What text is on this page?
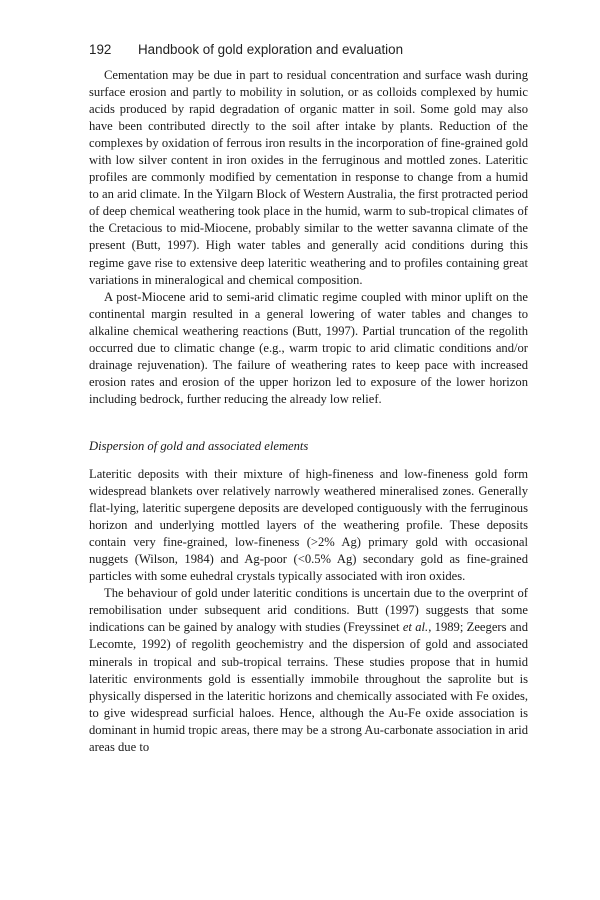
192 Handbook of gold exploration and evaluation

Cementation may be due in part to residual concentration and surface wash during surface erosion and partly to mobility in solution, or as colloids complexed by humic acids produced by rapid degradation of organic matter in soil. Some gold may also have been contributed directly to the soil after intake by plants. Reduction of the complexes by oxidation of ferrous iron results in the incorporation of fine-grained gold with low silver content in iron oxides in the ferruginous and mottled zones. Lateritic profiles are commonly modified by cementation in response to change from a humid to an arid climate. In the Yilgarn Block of Western Australia, the first protracted period of deep chemical weathering took place in the humid, warm to sub-tropical climates of the Cretacious to mid-Miocene, probably similar to the wetter savanna climate of the present (Butt, 1997). High water tables and generally acid conditions during this regime gave rise to extensive deep lateritic weathering and to profiles containing great variations in mineralogical and chemical composition.

A post-Miocene arid to semi-arid climatic regime coupled with minor uplift on the continental margin resulted in a general lowering of water tables and changes to alkaline chemical weathering reactions (Butt, 1997). Partial truncation of the regolith occurred due to climatic change (e.g., warm tropic to arid climatic conditions and/or drainage rejuvenation). The failure of weathering rates to keep pace with increased erosion rates and erosion of the upper horizon led to exposure of the lower horizon including bedrock, further reducing the already low relief.

Dispersion of gold and associated elements

Lateritic deposits with their mixture of high-fineness and low-fineness gold form widespread blankets over relatively narrowly weathered mineralised zones. Generally flat-lying, lateritic supergene deposits are developed contiguously with the ferruginous horizon and underlying mottled layers of the weathering profile. These deposits contain very fine-grained, low-fineness (>2% Ag) primary gold with occasional nuggets (Wilson, 1984) and Ag-poor (<0.5% Ag) secondary gold as fine-grained particles with some euhedral crystals typically associated with iron oxides.

The behaviour of gold under lateritic conditions is uncertain due to the overprint of remobilisation under subsequent arid conditions. Butt (1997) suggests that some indications can be gained by analogy with studies (Freyssinet et al., 1989; Zeegers and Lecomte, 1992) of regolith geochemistry and the dispersion of gold and associated minerals in tropical and sub-tropical terrains. These studies propose that in humid lateritic environments gold is essentially immobile throughout the saprolite but is physically dispersed in the lateritic horizons and chemically associated with Fe oxides, to give widespread surficial haloes. Hence, although the Au-Fe oxide association is dominant in humid tropic areas, there may be a strong Au-carbonate association in arid areas due to
